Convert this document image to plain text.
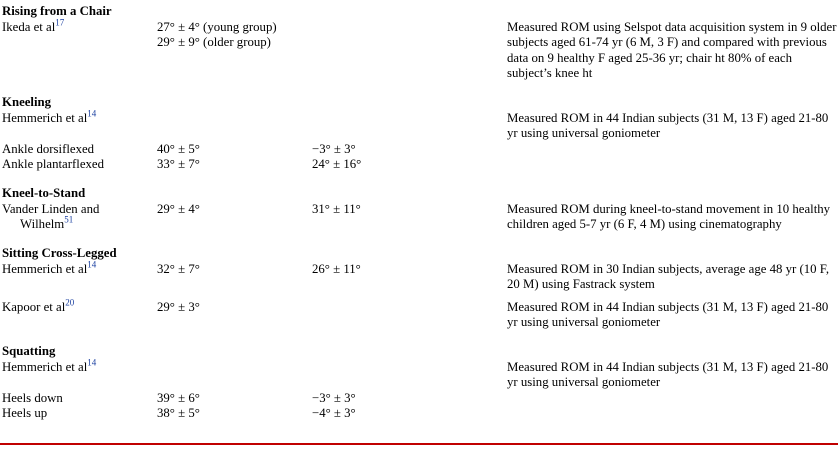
Rising from a Chair			
Ikeda et $al^{17}$	27° ± 4° (young group)
29° ± 9° (older group)		Measured ROM using Selspot data acquisition system in 9 older subjects aged 61-74 yr (6 M, 3 F) and compared with previous data on 9 healthy F aged 25-36 yr; chair ht 80% of each subject’s knee ht

Kneeling			
Hemmerich et $al^{14}$			Measured ROM in 44 Indian subjects (31 M, 13 F) aged 21-80 yr using universal goniometer

Ankle dorsiflexed	40° ± 5°	−3° ± 3°	
Ankle plantarflexed	33° ± 7°	24° ± 16°	

Kneel-to-Stand			
Vander Linden and
Wilhelm$^{51}$	29° ± 4°	31° ± 11°	Measured ROM during kneel-to-stand movement in 10 healthy children aged 5-7 yr (6 F, 4 M) using cinematography

Sitting Cross-Legged			
Hemmerich et $al^{14}$	32° ± 7°	26° ± 11°	Measured ROM in 30 Indian subjects, average age 48 yr (10 F, 20 M) using Fastrack system

Kapoor et $al^{20}$	29° ± 3°		Measured ROM in 44 Indian subjects (31 M, 13 F) aged 21-80 yr using universal goniometer

Squatting			
Hemmerich et $al^{14}$			Measured ROM in 44 Indian subjects (31 M, 13 F) aged 21-80 yr using universal goniometer

Heels down	39° ± 6°	−3° ± 3°	
Heels up	38° ± 5°	−4° ± 3°	
